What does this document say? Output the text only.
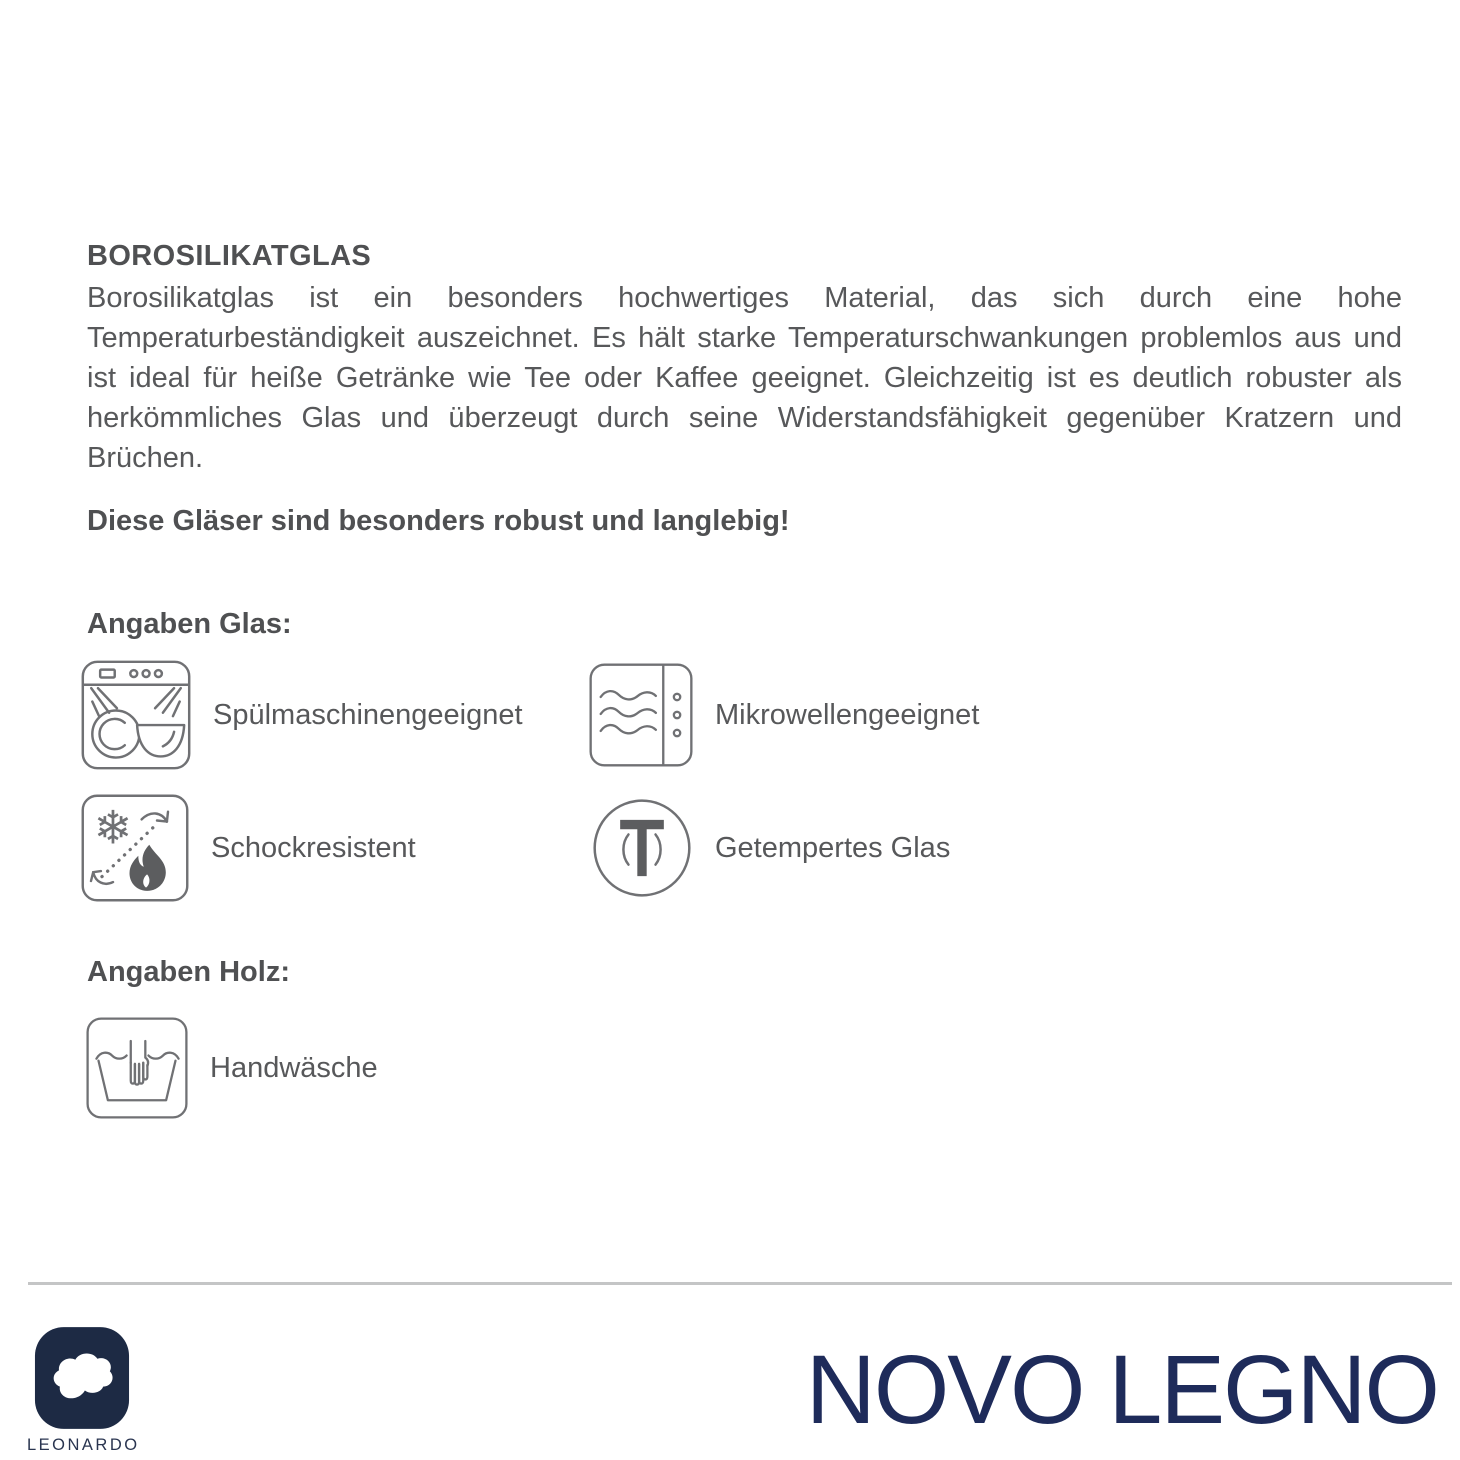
BOROSILIKATGLAS
Borosilikatglas ist ein besonders hochwertiges Material, das sich durch eine hohe Temperaturbeständigkeit auszeichnet. Es hält starke Temperaturschwankungen problemlos aus und ist ideal für heiße Getränke wie Tee oder Kaffee geeignet. Gleichzeitig ist es deutlich robuster als herkömmliches Glas und überzeugt durch seine Widerstandsfähigkeit gegenüber Kratzern und Brüchen.
Diese Gläser sind besonders robust und langlebig!
Angaben Glas:
Spülmaschinengeeignet	Mikrowellengeeignet
❄	Schockresistent	Getempertes Glas
Angaben Holz:
Handwäsche
LEONARDO
NOVO LEGNO
